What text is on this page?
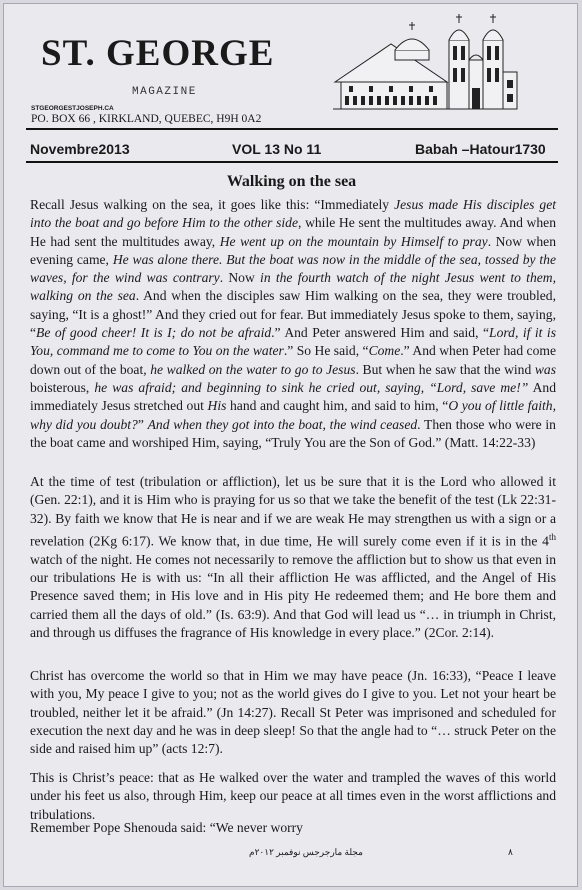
ST. GEORGE
MAGAZINE
STGEORGESTJOSEPH.CA
PO. BOX 66 , KIRKLAND, QUEBEC, H9H 0A2
Novembre2013	VOL 13 No 11	Babah –Hatour1730
Walking on the sea

Recall Jesus walking on the sea, it goes like this: “Immediately Jesus made His disciples get into the boat and go before Him to the other side, while He sent the multitudes away. And when He had sent the multitudes away, He went up on the mountain by Himself to pray. Now when evening came, He was alone there. But the boat was now in the middle of the sea, tossed by the waves, for the wind was contrary. Now in the fourth watch of the night Jesus went to them, walking on the sea. And when the disciples saw Him walking on the sea, they were troubled, saying, “It is a ghost!” And they cried out for fear. But immediately Jesus spoke to them, saying, “Be of good cheer! It is I; do not be afraid.” And Peter answered Him and said, “Lord, if it is You, command me to come to You on the water.” So He said, “Come.” And when Peter had come down out of the boat, he walked on the water to go to Jesus. But when he saw that the wind was boisterous, he was afraid; and beginning to sink he cried out, saying, “Lord, save me!” And immediately Jesus stretched out His hand and caught him, and said to him, “O you of little faith, why did you doubt?” And when they got into the boat, the wind ceased. Then those who were in the boat came and worshiped Him, saying, “Truly You are the Son of God.” (Matt. 14:22-33)

At the time of test (tribulation or affliction), let us be sure that it is the Lord who allowed it (Gen. 22:1), and it is Him who is praying for us so that we take the benefit of the test (Lk 22:31-32). By faith we know that He is near and if we are weak He may strengthen us with a sign or a revelation (2Kg 6:17). We know that, in due time, He will surely come even if it is in the 4th watch of the night. He comes not necessarily to remove the affliction but to show us that even in our tribulations He is with us: “In all their affliction He was afflicted, and the Angel of His Presence saved them; in His love and in His pity He redeemed them; and He bore them and carried them all the days of old.” (Is. 63:9). And that God will lead us “… in triumph in Christ, and through us diffuses the fragrance of His knowledge in every place.” (2Cor. 2:14).

Christ has overcome the world so that in Him we may have peace (Jn. 16:33), “Peace I leave with you, My peace I give to you; not as the world gives do I give to you. Let not your heart be troubled, neither let it be afraid.” (Jn 14:27). Recall St Peter was imprisoned and scheduled for execution the next day and he was in deep sleep! So that the angle had to “… struck Peter on the side and raised him up” (acts 12:7).

This is Christ’s peace: that as He walked over the water and trampled the waves of this world under his feet us also, through Him, keep our peace at all times even in the worst afflictions and tribulations.

Remember Pope Shenouda said: “We never worry

مجلة مارجرجس نوفمبر ٢٠١٢م	٨
